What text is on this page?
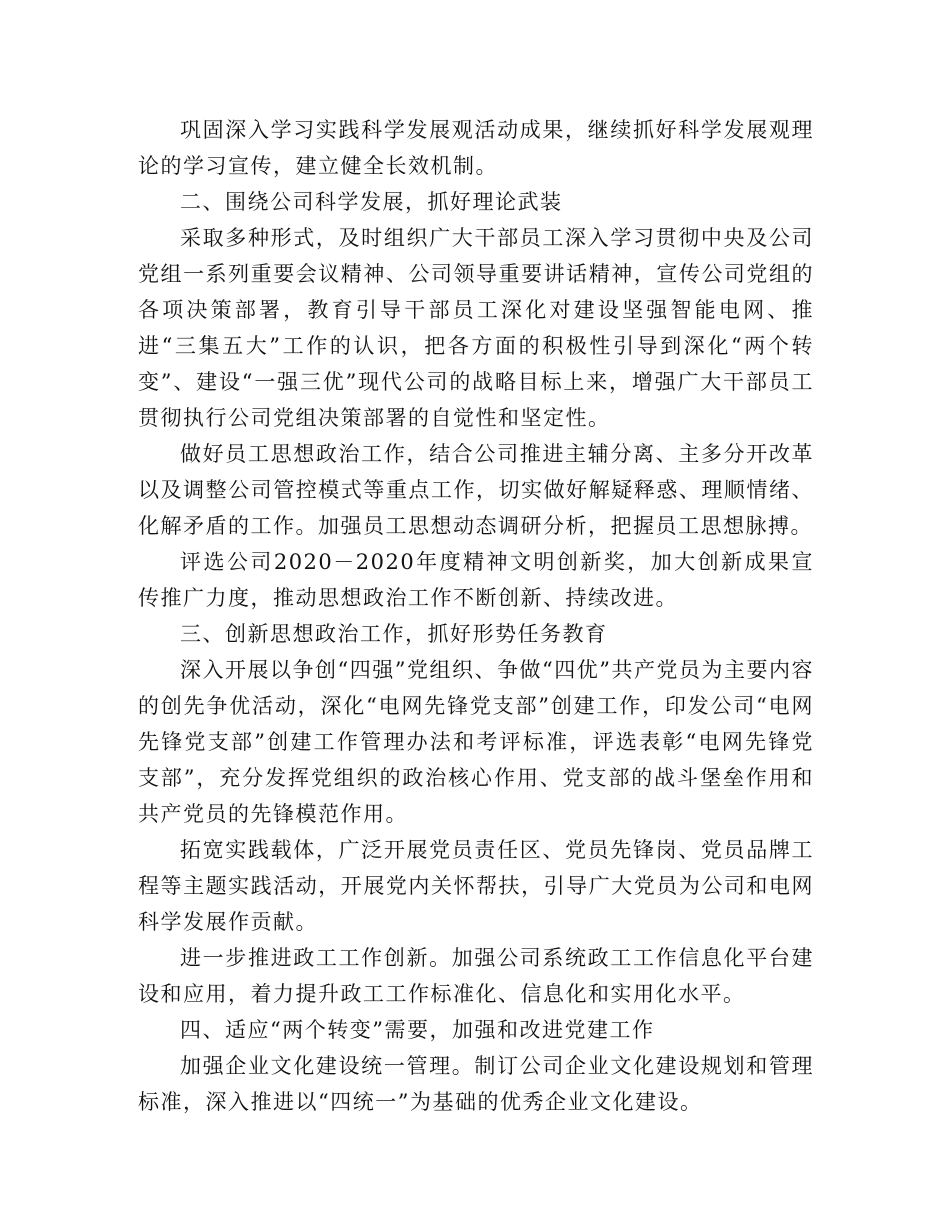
巩固深入学习实践科学发展观活动成果，继续抓好科学发展观理论的学习宣传，建立健全长效机制。

二、围绕公司科学发展，抓好理论武装

采取多种形式，及时组织广大干部员工深入学习贯彻中央及公司党组一系列重要会议精神、公司领导重要讲话精神，宣传公司党组的各项决策部署，教育引导干部员工深化对建设坚强智能电网、推进“三集五大”工作的认识，把各方面的积极性引导到深化“两个转变”、建设“一强三优”现代公司的战略目标上来，增强广大干部员工贯彻执行公司党组决策部署的自觉性和坚定性。

做好员工思想政治工作，结合公司推进主辅分离、主多分开改革以及调整公司管控模式等重点工作，切实做好解疑释惑、理顺情绪、化解矛盾的工作。加强员工思想动态调研分析，把握员工思想脉搏。

评选公司2020－2020年度精神文明创新奖，加大创新成果宣传推广力度，推动思想政治工作不断创新、持续改进。

三、创新思想政治工作，抓好形势任务教育

深入开展以争创“四强”党组织、争做“四优”共产党员为主要内容的创先争优活动，深化“电网先锋党支部”创建工作，印发公司“电网先锋党支部”创建工作管理办法和考评标准，评选表彰“电网先锋党支部”，充分发挥党组织的政治核心作用、党支部的战斗堡垒作用和共产党员的先锋模范作用。

拓宽实践载体，广泛开展党员责任区、党员先锋岗、党员品牌工程等主题实践活动，开展党内关怀帮扶，引导广大党员为公司和电网科学发展作贡献。

进一步推进政工工作创新。加强公司系统政工工作信息化平台建设和应用，着力提升政工工作标准化、信息化和实用化水平。

四、适应“两个转变”需要，加强和改进党建工作

加强企业文化建设统一管理。制订公司企业文化建设规划和管理标准，深入推进以“四统一”为基础的优秀企业文化建设。
